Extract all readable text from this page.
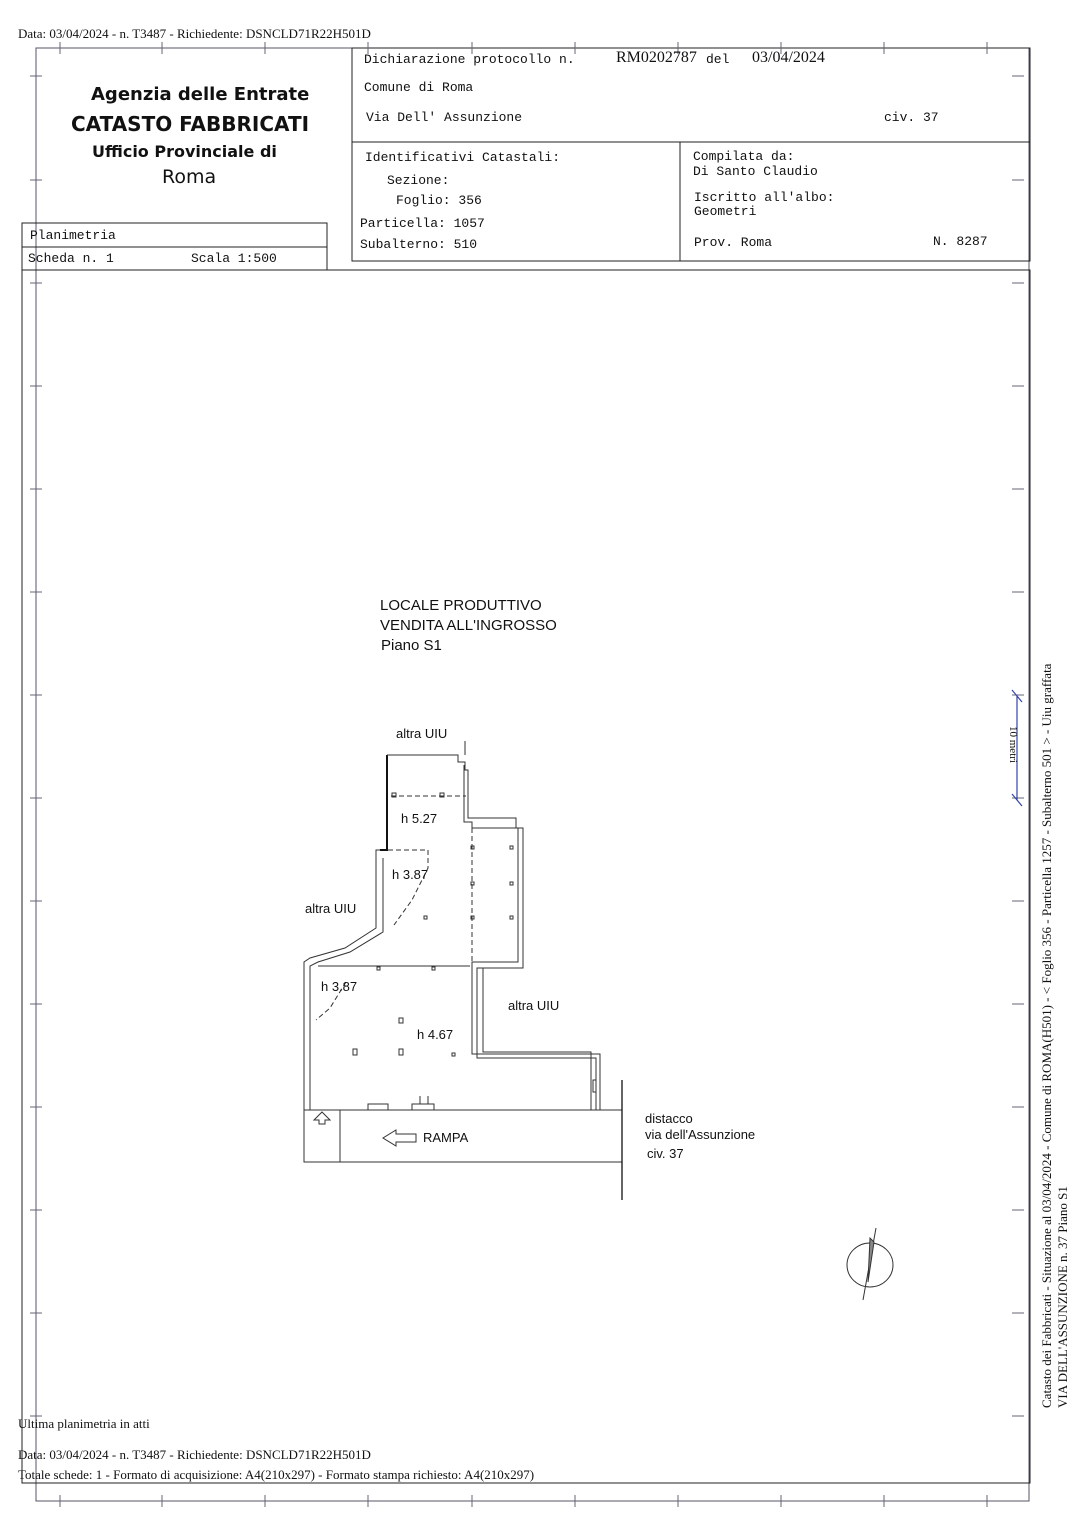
Data: 03/04/2024 - n. T3487 - Richiedente: DSNCLD71R22H501D
Agenzia delle Entrate
CATASTO FABBRICATI
Ufficio Provinciale di
Roma
Planimetria
Scheda n. 1	Scala 1:500
Dichiarazione protocollo n.	RM0202787 del 03/04/2024
Comune di Roma
Via Dell' Assunzione	civ. 37
Identificativi Catastali:
Sezione:
Foglio: 356
Particella: 1057
Subalterno: 510
Compilata da:
Di Santo Claudio
Iscritto all'albo:
Geometri
Prov. Roma	N. 8287
LOCALE PRODUTTIVO
VENDITA ALL'INGROSSO
Piano S1
altra UIU
altra UIU
altra UIU
h 5.27
h 3.87
h 3.87
h 4.67
RAMPA
distacco
via dell'Assunzione
civ. 37
10 metri Catasto dei Fabbricati - Situazione al 03/04/2024 - Comune di ROMA(H501) - < Foglio 356 - Particella 1257 - Subalterno 501 > - Uiu graffata VIA DELL'ASSUNZIONE n. 37 Piano S1
Ultima planimetria in atti
Data: 03/04/2024 - n. T3487 - Richiedente: DSNCLD71R22H501D
Totale schede: 1 - Formato di acquisizione: A4(210x297) - Formato stampa richiesto: A4(210x297)
